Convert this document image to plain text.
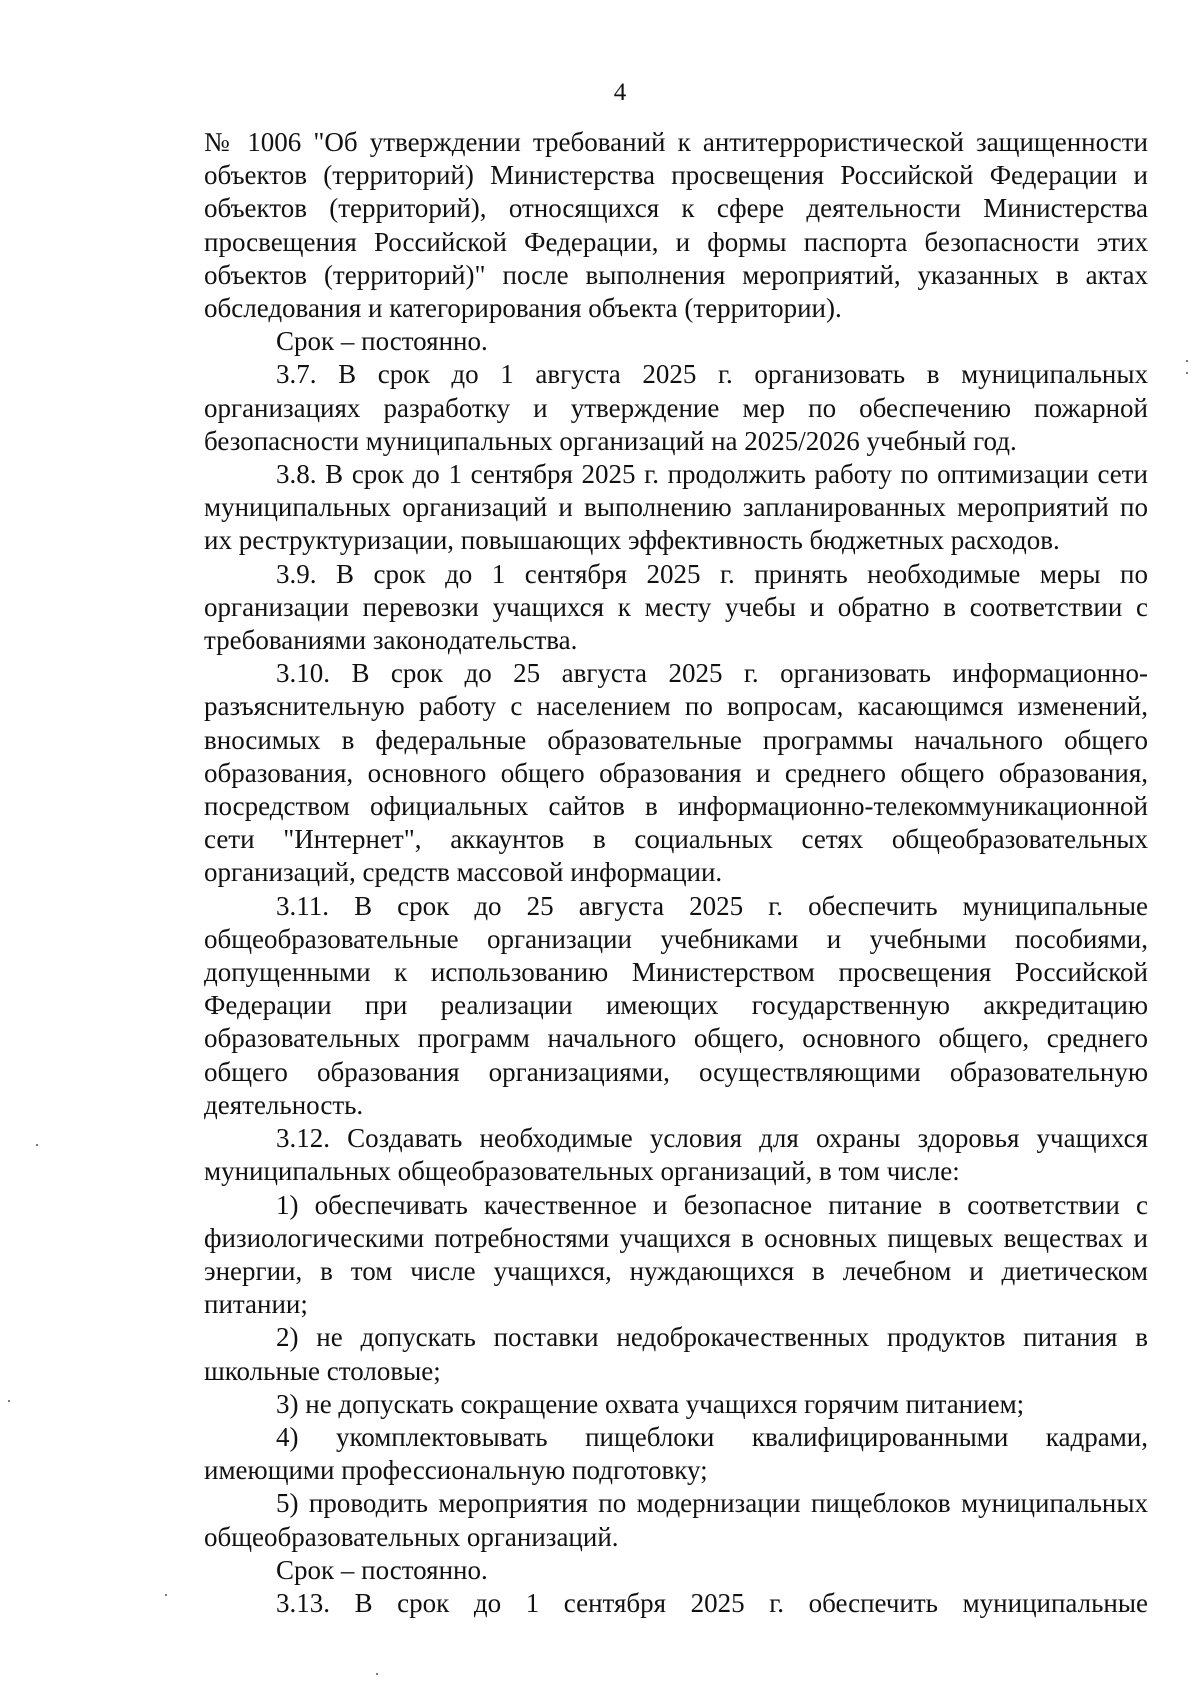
4

№ 1006 "Об утверждении требований к антитеррористической защищенности объектов (территорий) Министерства просвещения Российской Федерации и объектов (территорий), относящихся к сфере деятельности Министерства просвещения Российской Федерации, и формы паспорта безопасности этих объектов (территорий)" после выполнения мероприятий, указанных в актах обследования и категорирования объекта (территории).

Срок – постоянно.

3.7. В срок до 1 августа 2025 г. организовать в муниципальных организациях разработку и утверждение мер по обеспечению пожарной безопасности муниципальных организаций на 2025/2026 учебный год.

3.8. В срок до 1 сентября 2025 г. продолжить работу по оптимизации сети муниципальных организаций и выполнению запланированных мероприятий по их реструктуризации, повышающих эффективность бюджетных расходов.

3.9. В срок до 1 сентября 2025 г. принять необходимые меры по организации перевозки учащихся к месту учебы и обратно в соответствии с требованиями законодательства.

3.10. В срок до 25 августа 2025 г. организовать информационно-разъяснительную работу с населением по вопросам, касающимся изменений, вносимых в федеральные образовательные программы начального общего образования, основного общего образования и среднего общего образования, посредством официальных сайтов в информационно-телекоммуникационной сети "Интернет", аккаунтов в социальных сетях общеобразовательных организаций, средств массовой информации.

3.11. В срок до 25 августа 2025 г. обеспечить муниципальные общеобразовательные организации учебниками и учебными пособиями, допущенными к использованию Министерством просвещения Российской Федерации при реализации имеющих государственную аккредитацию образовательных программ начального общего, основного общего, среднего общего образования организациями, осуществляющими образовательную деятельность.

3.12. Создавать необходимые условия для охраны здоровья учащихся муниципальных общеобразовательных организаций, в том числе:

1) обеспечивать качественное и безопасное питание в соответствии с физиологическими потребностями учащихся в основных пищевых веществах и энергии, в том числе учащихся, нуждающихся в лечебном и диетическом питании;

2) не допускать поставки недоброкачественных продуктов питания в школьные столовые;

3) не допускать сокращение охвата учащихся горячим питанием;

4) укомплектовывать пищеблоки квалифицированными кадрами, имеющими профессиональную подготовку;

5) проводить мероприятия по модернизации пищеблоков муниципальных общеобразовательных организаций.

Срок – постоянно.

3.13. В срок до 1 сентября 2025 г. обеспечить муниципальные
